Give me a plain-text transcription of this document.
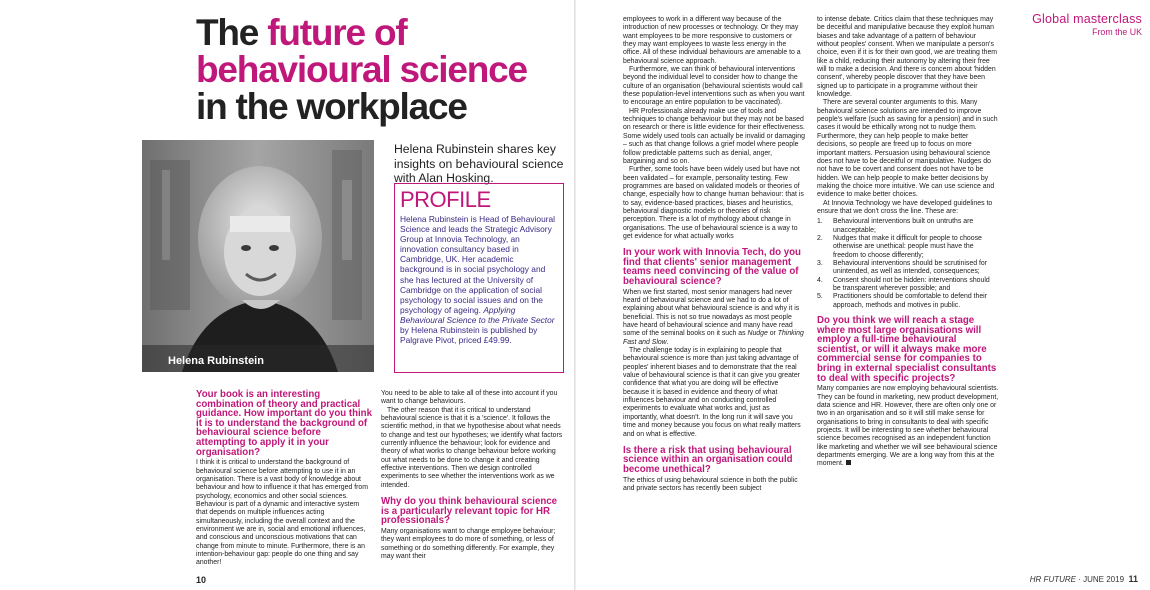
The future of
behavioural science
in the workplace
Helena Rubinstein

Helena Rubinstein shares key insights on behavioural science with Alan Hosking.

PROFILE

Helena Rubinstein is Head of Behavioural Science and leads the Strategic Advisory Group at Innovia Technology, an innovation consultancy based in Cambridge, UK. Her academic background is in social psychology and she has lectured at the University of Cambridge on the application of social psychology to social issues and on the psychology of ageing. Applying Behavioural Science to the Private Sector by Helena Rubinstein is published by Palgrave Pivot, priced £49.99.

Your book is an interesting combination of theory and practical guidance. How important do you think it is to understand the background of behavioural science before attempting to apply it in your organisation?

I think it is critical to understand the background of behavioural science before attempting to use it in an organisation. There is a vast body of knowledge about behaviour and how to influence it that has emerged from psychology, economics and other social sciences. Behaviour is part of a dynamic and interactive system that depends on multiple influences acting simultaneously, including the overall context and the environment we are in, social and emotional influences, and conscious and unconscious motivations that can change from minute to minute. Furthermore, there is an intention-behaviour gap: people do one thing and say another!

You need to be able to take all of these into account if you want to change behaviours.

The other reason that it is critical to understand behavioural science is that it is a 'science'. It follows the scientific method, in that we hypothesise about what needs to change and test our hypotheses; we identify what factors currently influence the behaviour; look for evidence and theory of what works to change behaviour before working out what needs to be done to change it and creating effective interventions. Then we design controlled experiments to see whether the interventions work as we intended.

Why do you think behavioural science is a particularly relevant topic for HR professionals?

Many organisations want to change employee behaviour; they want employees to do more of something, or less of something or do something differently. For example, they may want their

10
Global masterclass
From the UK

employees to work in a different way because of the introduction of new processes or technology. Or they may want employees to be more responsive to customers or they may want employees to waste less energy in the office. All of these individual behaviours are amenable to a behavioural science approach.

Furthermore, we can think of behavioural interventions beyond the individual level to consider how to change the culture of an organisation (behavioural scientists would call these population-level interventions such as when you want to encourage an entire population to be vaccinated).

HR Professionals already make use of tools and techniques to change behaviour but they may not be based on research or there is little evidence for their effectiveness. Some widely used tools can actually be invalid or damaging – such as that change follows a grief model where people follow predictable patterns such as denial, anger, bargaining and so on.

Further, some tools have been widely used but have not been validated – for example, personality testing. Few programmes are based on validated models or theories of change, especially how to change human behaviour: that is to say, evidence-based practices, biases and heuristics, behavioural diagnostic models or theories of risk perception. There is a lot of mythology about change in organisations. The use of behavioural science is a way to get evidence for what actually works

In your work with Innovia Tech, do you find that clients' senior management teams need convincing of the value of behavioural science?

When we first started, most senior managers had never heard of behavioural science and we had to do a lot of explaining about what behavioural science is and why it is beneficial. This is not so true nowadays as most people have heard of behavioural science and many have read some of the seminal books on it such as Nudge or Thinking Fast and Slow.

The challenge today is in explaining to people that behavioural science is more than just taking advantage of peoples' inherent biases and to demonstrate that the real value of behavioural science is that it can give you greater confidence that what you are doing will be effective because it is based in evidence and theory of what influences behaviour and on conducting controlled experiments to evaluate what works and, just as importantly, what doesn't. In the long run it will save you time and money because you focus on what really matters and on what is effective.

Is there a risk that using behavioural science within an organisation could become unethical?

The ethics of using behavioural science in both the public and private sectors has recently been subject

to intense debate. Critics claim that these techniques may be deceitful and manipulative because they exploit human biases and take advantage of a pattern of behaviour without peoples' consent. When we manipulate a person's choice, even if it is for their own good, we are treating them like a child, reducing their autonomy by altering their free will to make a decision. And there is concern about 'hidden consent', whereby people discover that they have been signed up to participate in a programme without their knowledge.

There are several counter arguments to this. Many behavioural science solutions are intended to improve people's welfare (such as saving for a pension) and in such cases it would be ethically wrong not to nudge them. Furthermore, they can help people to make better decisions, so people are freed up to focus on more important matters. Persuasion using behavioural science does not have to be deceitful or manipulative. Nudges do not have to be covert and consent does not have to be hidden. We can help people to make better decisions by making the choice more intuitive. We can use science and evidence to make better choices.

At Innovia Technology we have developed guidelines to ensure that we don't cross the line. These are:

1. Behavioural interventions built on untruths are unacceptable;
2. Nudges that make it difficult for people to choose otherwise are unethical: people must have the freedom to choose differently;
3. Behavioural interventions should be scrutinised for unintended, as well as intended, consequences;
4. Consent should not be hidden: interventions should be transparent wherever possible; and
5. Practitioners should be comfortable to defend their approach, methods and motives in public.
Do you think we will reach a stage where most large organisations will employ a full-time behavioural scientist, or will it always make more commercial sense for companies to bring in external specialist consultants to deal with specific projects?

Many companies are now employing behavioural scientists. They can be found in marketing, new product development, data science and HR. However, there are often only one or two in an organisation and so it will still make sense for organisations to bring in consultants to deal with specific projects. It will be interesting to see whether behavioural science becomes recognised as an independent function like marketing and whether we will see behavioural science departments emerging. We are a long way from this at the moment.

HR FUTURE · JUNE 2019 11
